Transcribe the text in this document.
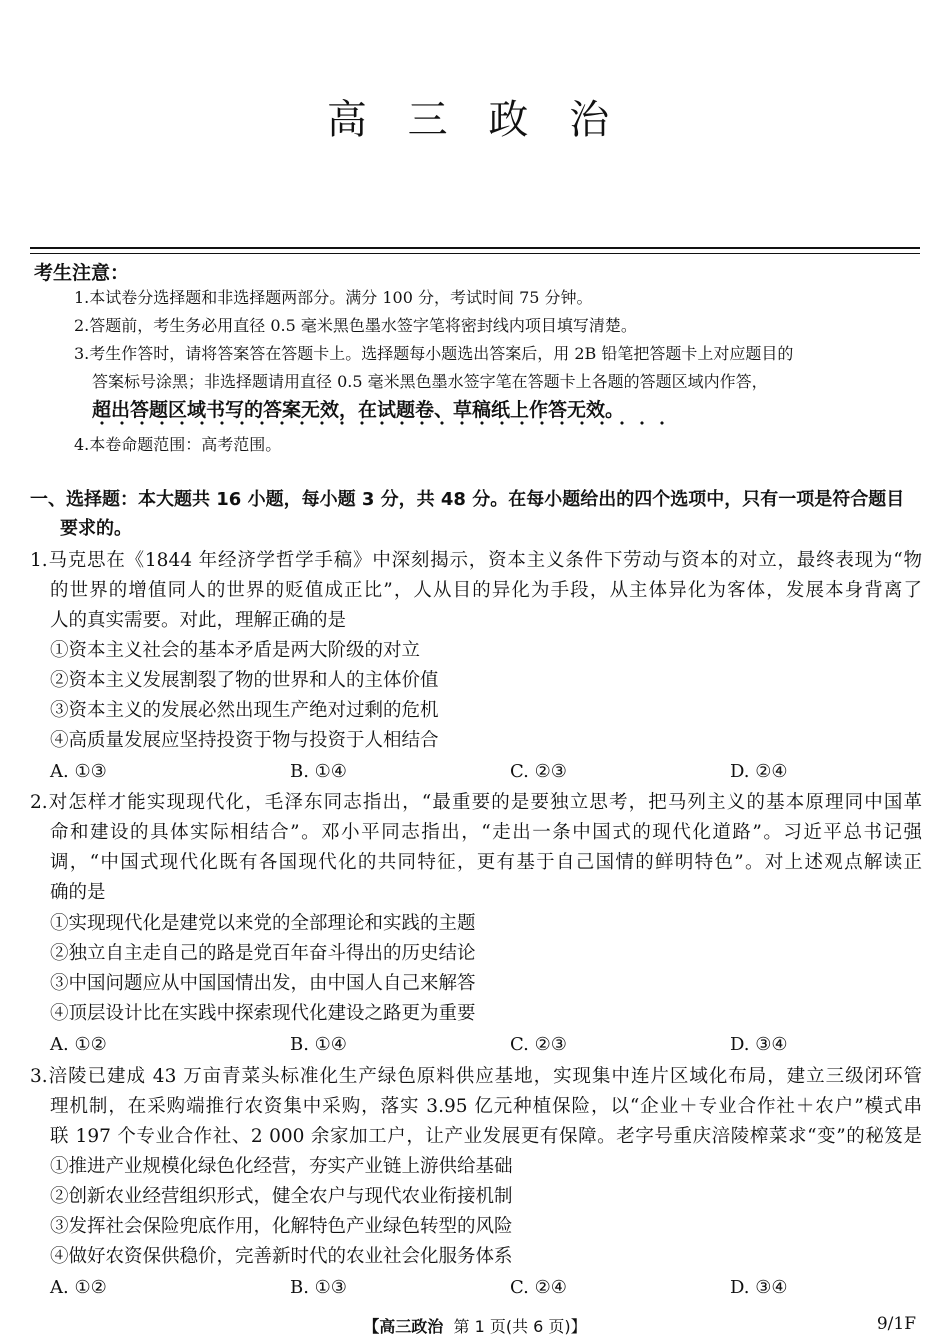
高 三 政 治
考生注意：
1.本试卷分选择题和非选择题两部分。满分 100 分，考试时间 75 分钟。
2.答题前，考生务必用直径 0.5 毫米黑色墨水签字笔将密封线内项目填写清楚。
3.考生作答时，请将答案答在答题卡上。选择题每小题选出答案后，用 2B 铅笔把答题卡上对应题目的
答案标号涂黑；非选择题请用直径 0.5 毫米黑色墨水签字笔在答题卡上各题的答题区域内作答，
超出答题区域书写的答案无效，在试题卷、草稿纸上作答无效。
4.本卷命题范围：高考范围。
一、选择题：本大题共 16 小题，每小题 3 分，共 48 分。在每小题给出的四个选项中，只有一项是符合题目
要求的。
1.马克思在《1844 年经济学哲学手稿》中深刻揭示，资本主义条件下劳动与资本的对立，最终表现为“物
的世界的增值同人的世界的贬值成正比”，人从目的异化为手段，从主体异化为客体，发展本身背离了
人的真实需要。对此，理解正确的是
①资本主义社会的基本矛盾是两大阶级的对立
②资本主义发展割裂了物的世界和人的主体价值
③资本主义的发展必然出现生产绝对过剩的危机
④高质量发展应坚持投资于物与投资于人相结合
A. ①③	B. ①④	C. ②③	D. ②④
2.对怎样才能实现现代化，毛泽东同志指出，“最重要的是要独立思考，把马列主义的基本原理同中国革
命和建设的具体实际相结合”。邓小平同志指出，“走出一条中国式的现代化道路”。习近平总书记强
调，“中国式现代化既有各国现代化的共同特征，更有基于自己国情的鲜明特色”。对上述观点解读正
确的是
①实现现代化是建党以来党的全部理论和实践的主题
②独立自主走自己的路是党百年奋斗得出的历史结论
③中国问题应从中国国情出发，由中国人自己来解答
④顶层设计比在实践中探索现代化建设之路更为重要
A. ①②	B. ①④	C. ②③	D. ③④
3.涪陵已建成 43 万亩青菜头标准化生产绿色原料供应基地，实现集中连片区域化布局，建立三级闭环管
理机制，在采购端推行农资集中采购，落实 3.95 亿元种植保险，以“企业＋专业合作社＋农户”模式串
联 197 个专业合作社、2 000 余家加工户，让产业发展更有保障。老字号重庆涪陵榨菜求“变”的秘笈是
①推进产业规模化绿色化经营，夯实产业链上游供给基础
②创新农业经营组织形式，健全农户与现代农业衔接机制
③发挥社会保险兜底作用，化解特色产业绿色转型的风险
④做好农资保供稳价，完善新时代的农业社会化服务体系
A. ①②	B. ①③	C. ②④	D. ③④
【高三政治 第 1 页(共 6 页)】	9/1F
